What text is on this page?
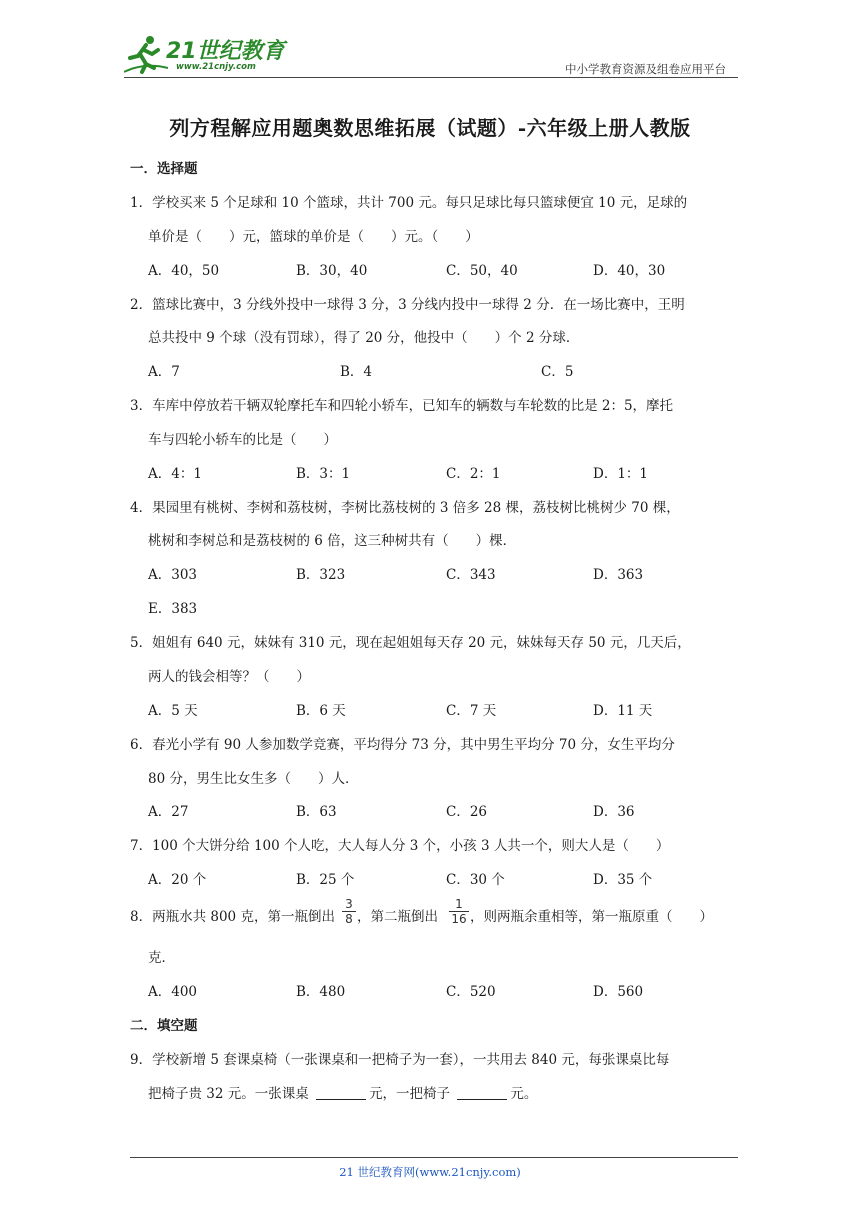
21世纪教育
www.21cnjy.com	中小学教育资源及组卷应用平台
列方程解应用题奥数思维拓展（试题）-六年级上册人教版
一．选择题
1．学校买来 5 个足球和 10 个篮球，共计 700 元。每只足球比每只篮球便宜 10 元，足球的
单价是（　　）元，篮球的单价是（　　）元。（　　）
A．40，50	B．30，40	C．50，40	D．40，30
2．篮球比赛中，3 分线外投中一球得 3 分，3 分线内投中一球得 2 分．在一场比赛中，王明
总共投中 9 个球（没有罚球），得了 20 分，他投中（　　）个 2 分球．
A．7	B．4	C．5
3．车库中停放若干辆双轮摩托车和四轮小轿车，已知车的辆数与车轮数的比是 2：5，摩托
车与四轮小轿车的比是（　　）
A．4：1	B．3：1	C．2：1	D．1：1
4．果园里有桃树、李树和荔枝树，李树比荔枝树的 3 倍多 28 棵，荔枝树比桃树少 70 棵，
桃树和李树总和是荔枝树的 6 倍，这三种树共有（　　）棵．
A．303	B．323	C．343	D．363
E．383
5．姐姐有 640 元，妹妹有 310 元，现在起姐姐每天存 20 元，妹妹每天存 50 元，几天后，
两人的钱会相等？（　　）
A．5 天	B．6 天	C．7 天	D．11 天
6．春光小学有 90 人参加数学竞赛，平均得分 73 分，其中男生平均分 70 分，女生平均分
80 分，男生比女生多（　　）人．
A．27	B．63	C．26	D．36
7．100 个大饼分给 100 个人吃，大人每人分 3 个，小孩 3 人共一个，则大人是（　　）
A．20 个	B．25 个	C．30 个	D．35 个
8．两瓶水共 800 克，第一瓶倒出
3
8 ，第二瓶倒出
1
16 ，则两瓶余重相等，第一瓶原重（　　）
克．
A．400	B．480	C．520	D．560
二．填空题
9．学校新增 5 套课桌椅（一张课桌和一把椅子为一套），一共用去 840 元，每张课桌比每
把椅子贵 32 元。一张课桌	元，一把椅子	元。
21 世纪教育网(www.21cnjy.com)
